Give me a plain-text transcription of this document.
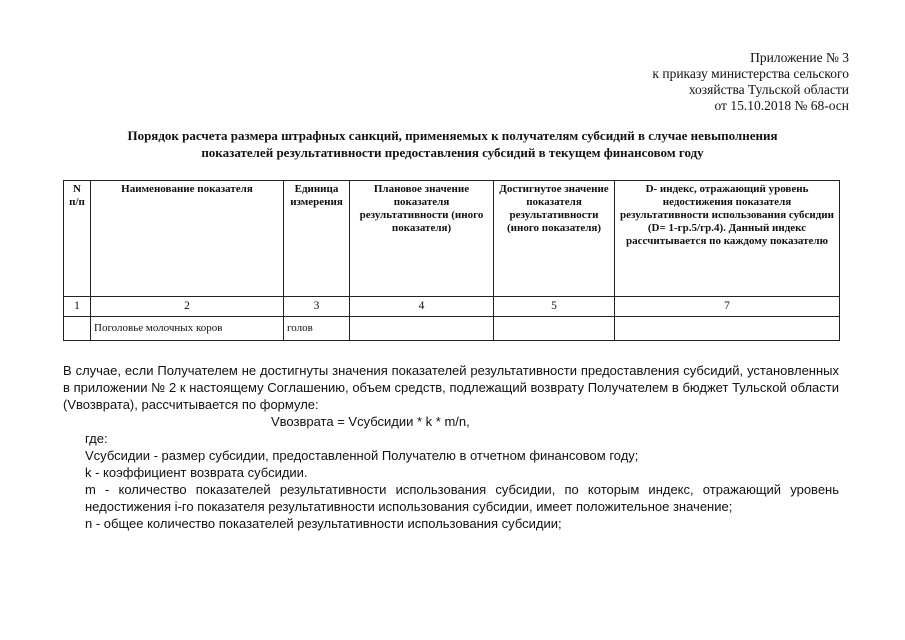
Приложение № 3
к приказу министерства сельского
хозяйства Тульской области
от 15.10.2018 № 68-осн
Порядок расчета размера штрафных санкций, применяемых к получателям субсидий в случае невыполнения
показателей результативности предоставления субсидий в текущем финансовом году
N п/п	Наименование показателя	Единица измерения	Плановое значение показателя результативности (иного показателя)	Достигнутое значение показателя результативности (иного показателя)	D- индекс, отражающий уровень недостижения показателя результативности использования субсидии (D= 1-гр.5/гр.4). Данный индекс рассчитывается по каждому показателю
1	2	3	4	5	7
	Поголовье молочных коров	голов			

В случае, если Получателем не достигнуты значения показателей результативности предоставления субсидий, установленных в приложении № 2 к настоящему Соглашению, объем средств, подлежащий возврату Получателем в бюджет Тульской области (Vвозврата), рассчитывается по формуле:

Vвозврата = Vсубсидии * k * m/n,

где:

Vсубсидии - размер субсидии, предоставленной Получателю в отчетном финансовом году;

k - коэффициент возврата субсидии.

m - количество показателей результативности использования субсидии, по которым индекс, отражающий уровень недостижения i-го показателя результативности использования субсидии, имеет положительное значение;

n - общее количество показателей результативности использования субсидии;
